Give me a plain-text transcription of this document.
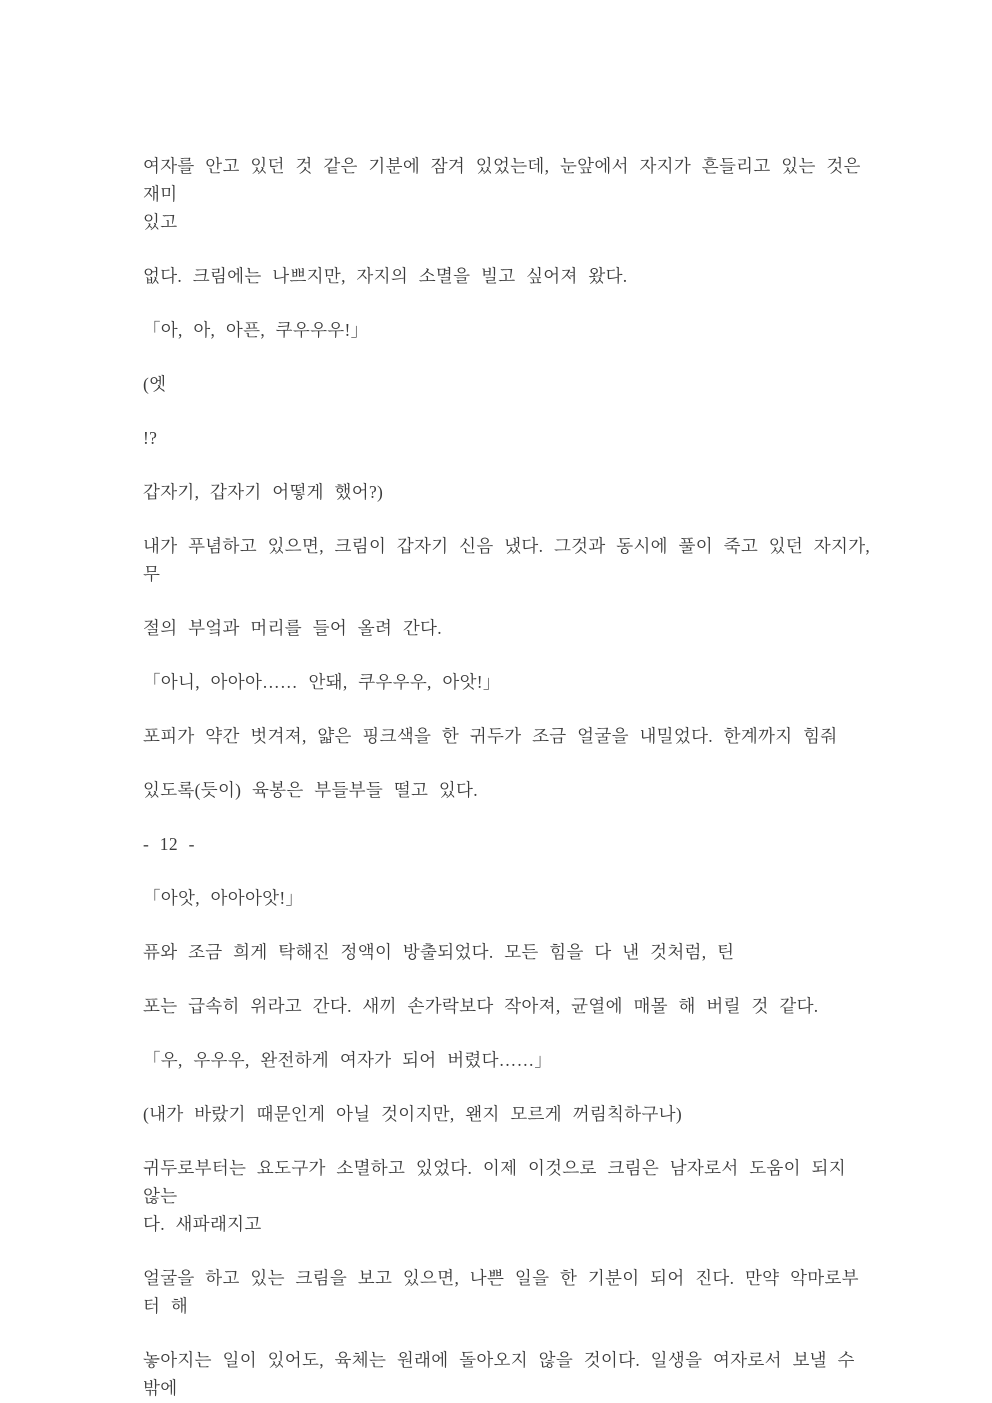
여자를 안고 있던 것 같은 기분에 잠겨 있었는데, 눈앞에서 자지가 흔들리고 있는 것은 재미
있고

없다. 크림에는 나쁘지만, 자지의 소멸을 빌고 싶어져 왔다.

「아, 아, 아픈, 쿠우우우!」

(엣

!?

갑자기, 갑자기 어떻게 했어?)

내가 푸념하고 있으면, 크림이 갑자기 신음 냈다. 그것과 동시에 풀이 죽고 있던 자지가, 무

절의 부엌과 머리를 들어 올려 간다.

「아니, 아아아…… 안돼, 쿠우우우, 아앗!」

포피가 약간 벗겨져, 얇은 핑크색을 한 귀두가 조금 얼굴을 내밀었다. 한계까지 힘줘

있도록(듯이) 육봉은 부들부들 떨고 있다.

- 12 -

「아앗, 아아아앗!」

퓨와 조금 희게 탁해진 정액이 방출되었다. 모든 힘을 다 낸 것처럼, 틴

포는 급속히 위라고 간다. 새끼 손가락보다 작아져, 균열에 매몰 해 버릴 것 같다.

「우, 우우우, 완전하게 여자가 되어 버렸다……」

(내가 바랐기 때문인게 아닐 것이지만, 왠지 모르게 꺼림칙하구나)

귀두로부터는 요도구가 소멸하고 있었다. 이제 이것으로 크림은 남자로서 도움이 되지 않는
다. 새파래지고

얼굴을 하고 있는 크림을 보고 있으면, 나쁜 일을 한 기분이 되어 진다. 만약 악마로부터 해

놓아지는 일이 있어도, 육체는 원래에 돌아오지 않을 것이다. 일생을 여자로서 보낼 수 밖에
